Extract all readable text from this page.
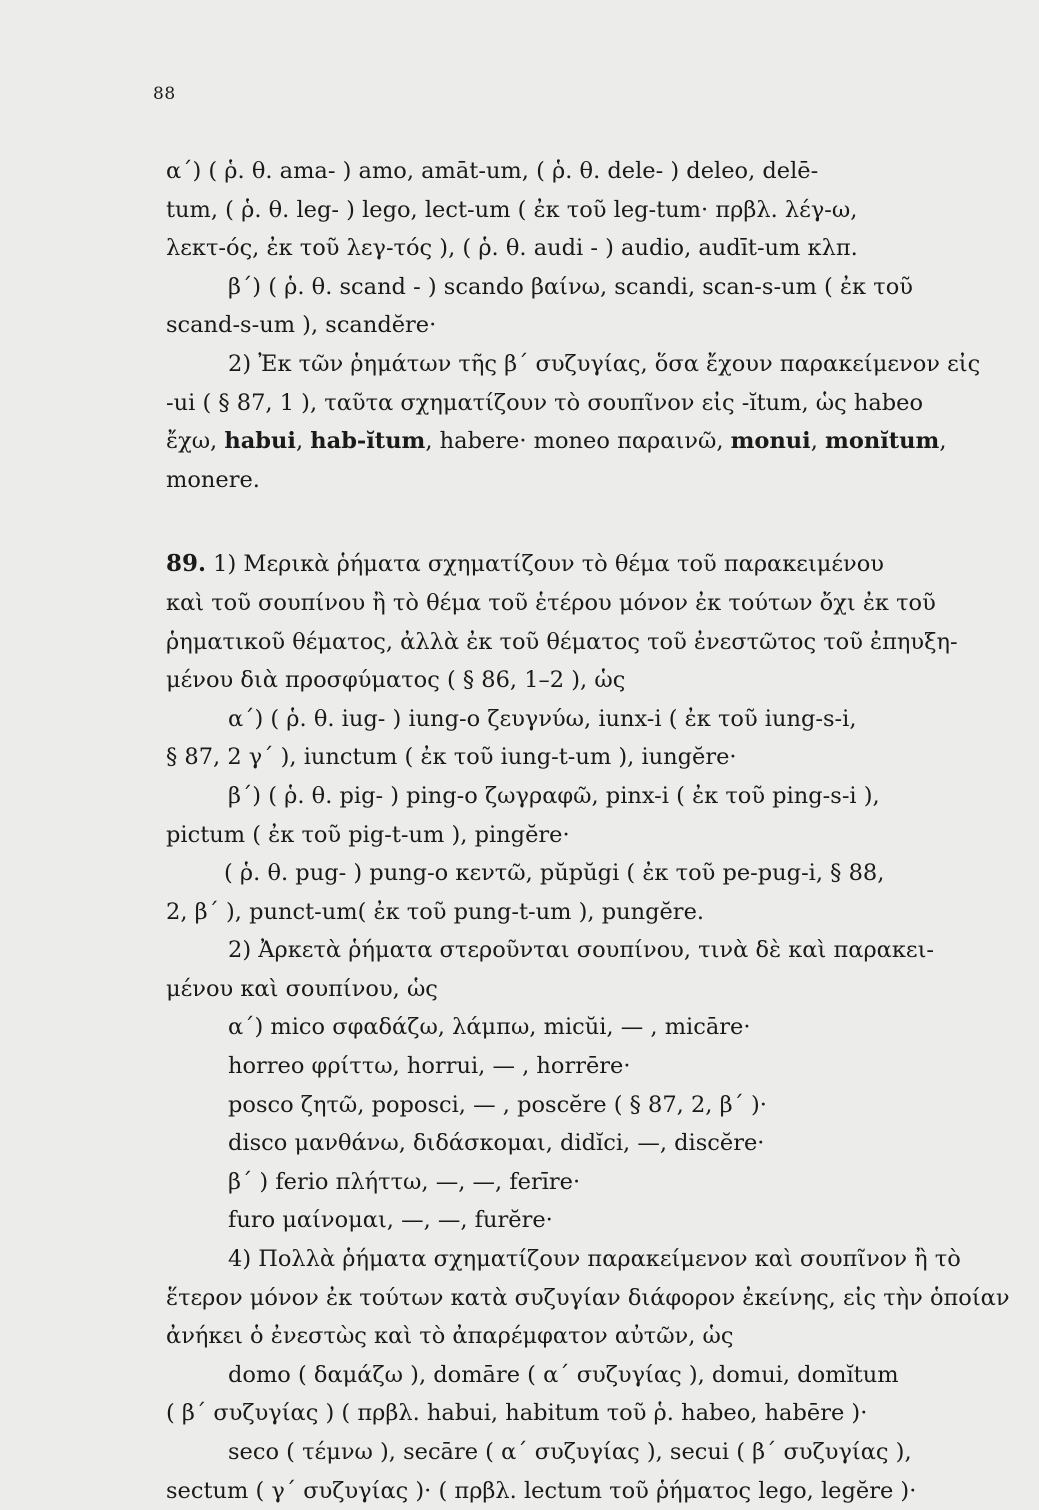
88
α΄) ( ῥ. θ. ama- ) amo, amāt-um, ( ῥ. θ. dele- ) deleo, delē-
tum, ( ῥ. θ. leg- ) lego, lect-um ( ἐκ τοῦ leg-tum· πρβλ. λέγ-ω,
λεκτ-ός, ἐκ τοῦ λεγ-τός ), ( ῥ. θ. audi - ) audio, audīt-um κλπ.
β΄) ( ῥ. θ. scand - ) scando βαίνω, scandi, scan-s-um ( ἐκ τοῦ
scand-s-um ), scandĕre·
2) Ἐκ τῶν ῥημάτων τῆς β΄ συζυγίας, ὅσα ἔχουν παρακείμενον εἰς
-ui ( § 87, 1 ), ταῦτα σχηματίζουν τὸ σουπῖνον εἰς -ĭtum, ὡς habeo
ἔχω, habui, hab-ĭtum, habere· moneo παραινῶ, monui, monĭtum,
monere.
89. 1) Μερικὰ ῥήματα σχηματίζουν τὸ θέμα τοῦ παρακειμένου
καὶ τοῦ σουπίνου ἢ τὸ θέμα τοῦ ἑτέρου μόνον ἐκ τούτων ὄχι ἐκ τοῦ
ῥηματικοῦ θέματος, ἀλλὰ ἐκ τοῦ θέματος τοῦ ἐνεστῶτος τοῦ ἐπηυξη-
μένου διὰ προσφύματος ( § 86, 1–2 ), ὡς
α΄) ( ῥ. θ. iug- ) iung-o ζευγνύω, iunx-i ( ἐκ τοῦ iung-s-i,
§ 87, 2 γ΄ ), iunctum ( ἐκ τοῦ iung-t-um ), iungĕre·
β΄) ( ῥ. θ. pig- ) ping-o ζωγραφῶ, pinx-i ( ἐκ τοῦ ping-s-i ),
pictum ( ἐκ τοῦ pig-t-um ), pingĕre·
( ῥ. θ. pug- ) pung-o κεντῶ, pŭpŭgi ( ἐκ τοῦ pe-pug-i, § 88,
2, β΄ ), punct-um( ἐκ τοῦ pung-t-um ), pungĕre.
2) Ἀρκετὰ ῥήματα στεροῦνται σουπίνου, τινὰ δὲ καὶ παρακει-
μένου καὶ σουπίνου, ὡς
α΄) mico σφαδάζω, λάμπω, micŭi, — , micāre·
horreo φρίττω, horrui, — , horrēre·
posco ζητῶ, poposci, — , poscĕre ( § 87, 2, β΄ )·
disco μανθάνω, διδάσκομαι, didĭci, —, discĕre·
β΄ ) ferio πλήττω, —, —, ferīre·
furo μαίνομαι, —, —, furĕre·
4) Πολλὰ ῥήματα σχηματίζουν παρακείμενον καὶ σουπῖνον ἢ τὸ
ἕτερον μόνον ἐκ τούτων κατὰ συζυγίαν διάφορον ἐκείνης, εἰς τὴν ὁποίαν
ἀνήκει ὁ ἐνεστὼς καὶ τὸ ἀπαρέμφατον αὐτῶν, ὡς
domo ( δαμάζω ), domāre ( α΄ συζυγίας ), domui, domĭtum
( β΄ συζυγίας ) ( πρβλ. habui, habitum τοῦ ῥ. habeo, habēre )·
seco ( τέμνω ), secāre ( α΄ συζυγίας ), secui ( β΄ συζυγίας ),
sectum ( γ΄ συζυγίας )· ( πρβλ. lectum τοῦ ῥήματος lego, legĕre )·
